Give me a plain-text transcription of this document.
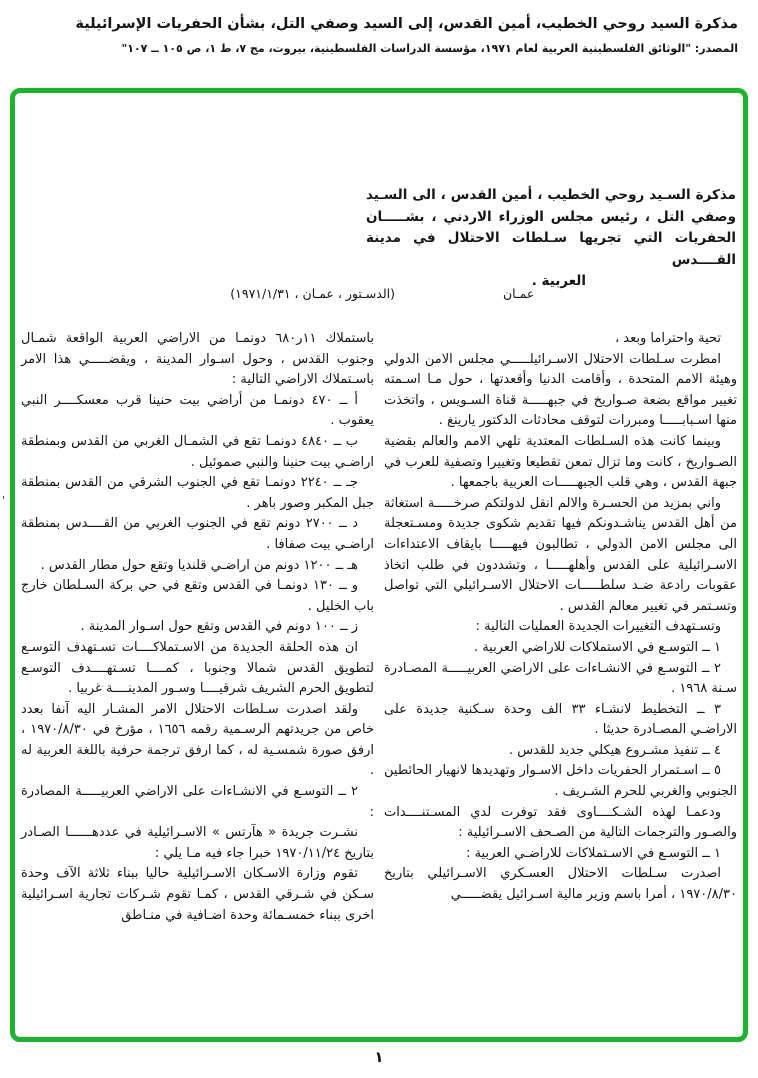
مذكرة السيد روحي الخطيب، أمين القدس، إلى السيد وصفي التل، بشأن الحفريات الإسرائيلية
المصدر: "الوثائق الفلسطينية العربية لعام ١٩٧١، مؤسسة الدراسات الفلسطينية، بيروت، مج ٧، ط ١، ص ١٠٥ ــ ١٠٧"
'
مذكرة السـيد روحي الخطيب ، أمين القدس ، الى السـيد
وصفي التل ، رئيس مجلس الوزراء الاردني ، بشـــــان
الحفريات التي تجريها سـلطات الاحتلال في مدينة القــــدس
العربية .
عمـان
(الدسـتور ، عمـان ، ١٩٧١/١/٣١)

تحية واحتراما وبعد ،

امطرت سـلطات الاحتلال الاسـرائيلـــــي مجلس الامن الدولي وهيئة الامم المتحدة ، وأقامت الدنيا وأقعدتها ، حول مـا اسـمته تغيير مواقع بضعة صـواريخ في جبهـــــة قناة السـويس ، واتخذت منها اسـبابـــــا ومبررات لتوقف محادثات الدكتور يارينغ .

وبينما كانت هذه السـلطات المعتدية تلهي الامم والعالم بقضية الصـواريخ ، كانت وما تزال تمعن تقطيعا وتغييرا وتصفية للعرب في جبهة القدس ، وهي قلب الجبهـــــات العربية باجمعها .

واني بمزيد من الحسـرة والالم انقل لدولتكم صرخـــــة استغاثة من أهل القدس يناشـدونكم فيها تقديم شكوى جديدة ومسـتعجلة الى مجلس الامن الدولي ، تطالبون فيهـــــا بايقاف الاعتداءات الاسـرائيلية على القدس وأهلهـــــا ، وتشددون في طلب اتخاذ عقوبات رادعة ضـد سلطـــــات الاحتلال الاسـرائيلي التي تواصل وتسـتمر في تغيير معالم القدس .

وتسـتهدف التغييرات الجديدة العمليات التالية :

١ ــ التوسـع في الاستملاكات للاراضي العربية .

٢ ــ التوسـع في الانشـاءات على الاراضي العربيـــــة المصـادرة سـنة ١٩٦٨ .

٣ ــ التخطيط لانشـاء ٣٣ الف وحدة سـكنية جديدة على الاراضـي المصـادرة حديثا .

٤ ــ تنفيذ مشـروع هيكلي جديد للقدس .

٥ ــ اسـتمرار الحفريات داخل الاسـوار وتهديدها لانهيار الحائطين الجنوبي والغربي للحرم الشـريف .

ودعمـا لهذه الشـكــــاوى فقد توفرت لدي المسـتنــــدات والصـور والترجمات التالية من الصـحف الاسـرائيلية :

١ ــ التوسـع في الاسـتملاكات للاراضـي العربية :

اصدرت سـلطات الاحتلال العسـكري الاسـرائيلي بتاريخ ١٩٧٠/٨/٣٠ ، أمرا باسم وزير مالية اسـرائيل يقضـــــي

باستملاك ١١ر٦٨٠ دونمـا من الاراضي العربية الواقعة شمـال وجنوب القدس ، وحول اسـوار المدينة ، ويقضـــــي هذا الامر باسـتملاك الاراضي التالية :

أ ــ ٤٧٠ دونمـا من أراضي بيت حنينا قرب معسكــــر النبي يعقوب .

ب ــ ٤٨٤٠ دونمـا تقع في الشمـال الغربي من القدس وبمنطقة اراضـي بيت حنينا والنبي صموئيل .

جـ ــ ٢٢٤٠ دونمـا تقع في الجنوب الشرقي من القدس بمنطقة جبل المكبر وصور باهر .

د ــ ٢٧٠٠ دونم تقع في الجنوب الغربي من القــــدس بمنطقة اراضـي بيت صفافا .

هـ ــ ١٢٠٠ دونم من اراضـي قلنديا وتقع حول مطار القدس .

و ــ ١٣٠ دونمـا في القدس وتقع في حي بركة السـلطان خارج باب الخليل .

ز ــ ١٠٠ دونم في القدس وتقع حول اسـوار المدينة .

ان هذه الحلقة الجديدة من الاسـتملاكــــات تسـتهدف التوسـع لتطويق القدس شمالا وجنوبا ، كمــــا تسـتهــــدف التوسـع لتطويق الحرم الشريف شرقيــــا وسـور المدينــــة غربيا .

ولقد اصدرت سـلطات الاحتلال الامر المشـار اليه آنفا بعدد خاص من جريدتهم الرسـمية رقمه ١٦٥٦ ، مؤرخ في ١٩٧٠/٨/٣٠ ، ارفق صورة شمسـية له ، كما ارفق ترجمة حرفية باللغة العربية له .

٢ ــ التوسـع في الانشـاءات على الاراضي العربيـــــة المصادرة :

نشـرت جريدة « هآرتس » الاسـرائيلية في عددهــــــا الصـادر بتاريخ ١٩٧٠/١١/٢٤ خبرا جاء فيه مـا يلي :

تقوم وزارة الاسـكان الاسـرائيلية حاليا ببناء ثلاثة الآف وحدة سـكن في شـرقي القدس ، كمـا تقوم شـركات تجارية اسـرائيلية اخرى ببناء خمسـمائة وحدة اضـافية في منـاطق

١
